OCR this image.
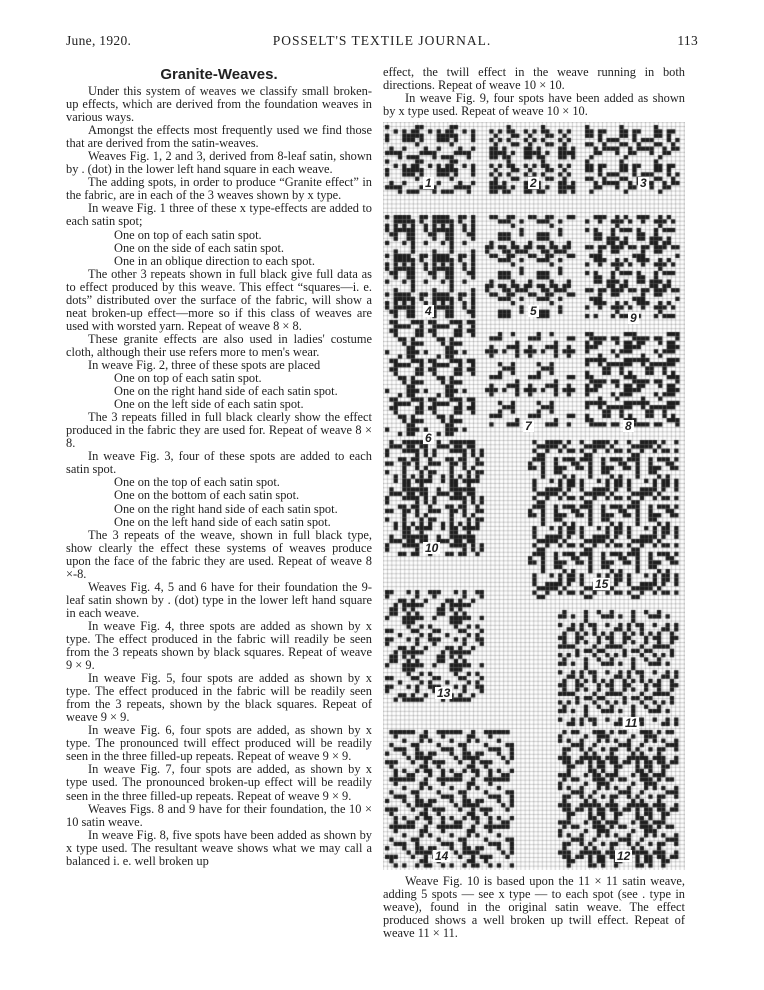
POSSELT'S TEXTILE JOURNAL.
June, 1920.	113
Granite-Weaves.

Under this system of weaves we classify small broken-up effects, which are derived from the foundation weaves in various ways.

Amongst the effects most frequently used we find those that are derived from the satin-weaves.

Weaves Fig. 1, 2 and 3, derived from 8-leaf satin, shown by . (dot) in the lower left hand square in each weave.

The adding spots, in order to produce “Granite effect” in the fabric, are in each of the 3 weaves shown by x type.

In weave Fig. 1 three of these x type-effects are added to each satin spot;

One on top of each satin spot.

One on the side of each satin spot.

One in an oblique direction to each spot.

The other 3 repeats shown in full black give full data as to effect produced by this weave. This effect “squares—i. e. dots” distributed over the surface of the fabric, will show a neat broken-up effect—more so if this class of weaves are used with worsted yarn. Repeat of weave 8 × 8.

These granite effects are also used in ladies' costume cloth, although their use refers more to men's wear.

In weave Fig. 2, three of these spots are placed

One on top of each satin spot.

One on the right hand side of each satin spot.

One on the left side of each satin spot.

The 3 repeats filled in full black clearly show the effect produced in the fabric they are used for. Repeat of weave 8 × 8.

In weave Fig. 3, four of these spots are added to each satin spot.

One on the top of each satin spot.

One on the bottom of each satin spot.

One on the right hand side of each satin spot.

One on the left hand side of each satin spot.

The 3 repeats of the weave, shown in full black type, show clearly the effect these systems of weaves produce upon the face of the fabric they are used. Repeat of weave 8 ×-8.

Weaves Fig. 4, 5 and 6 have for their foundation the 9-leaf satin shown by . (dot) type in the lower left hand square in each weave.

In weave Fig. 4, three spots are added as shown by x type. The effect produced in the fabric will readily be seen from the 3 repeats shown by black squares. Repeat of weave 9 × 9.

In weave Fig. 5, four spots are added as shown by x type. The effect produced in the fabric will be readily seen from the 3 repeats, shown by the black squares. Repeat of weave 9 × 9.

In weave Fig. 6, four spots are added, as shown by x type. The pronounced twill effect produced will be readily seen in the three filled-up repeats. Repeat of weave 9 × 9.

In weave Fig. 7, four spots are added, as shown by x type used. The pronounced broken-up effect will be readily seen in the three filled-up repeats. Repeat of weave 9 × 9.

Weaves Figs. 8 and 9 have for their foundation, the 10 × 10 satin weave.

In weave Fig. 8, five spots have been added as shown by x type used. The resultant weave shows what we may call a balanced i. e. well broken up

effect, the twill effect in the weave running in both directions. Repeat of weave 10 × 10.

In weave Fig. 9, four spots have been added as shown by x type used. Repeat of weave 10 × 10.

1	2	3
4	5	9
6
7	8
10
15
13
11
14	12

Weave Fig. 10 is based upon the 11 × 11 satin weave, adding 5 spots — see x type — to each spot (see . type in weave), found in the original satin weave. The effect produced shows a well broken up twill effect. Repeat of weave 11 × 11.
